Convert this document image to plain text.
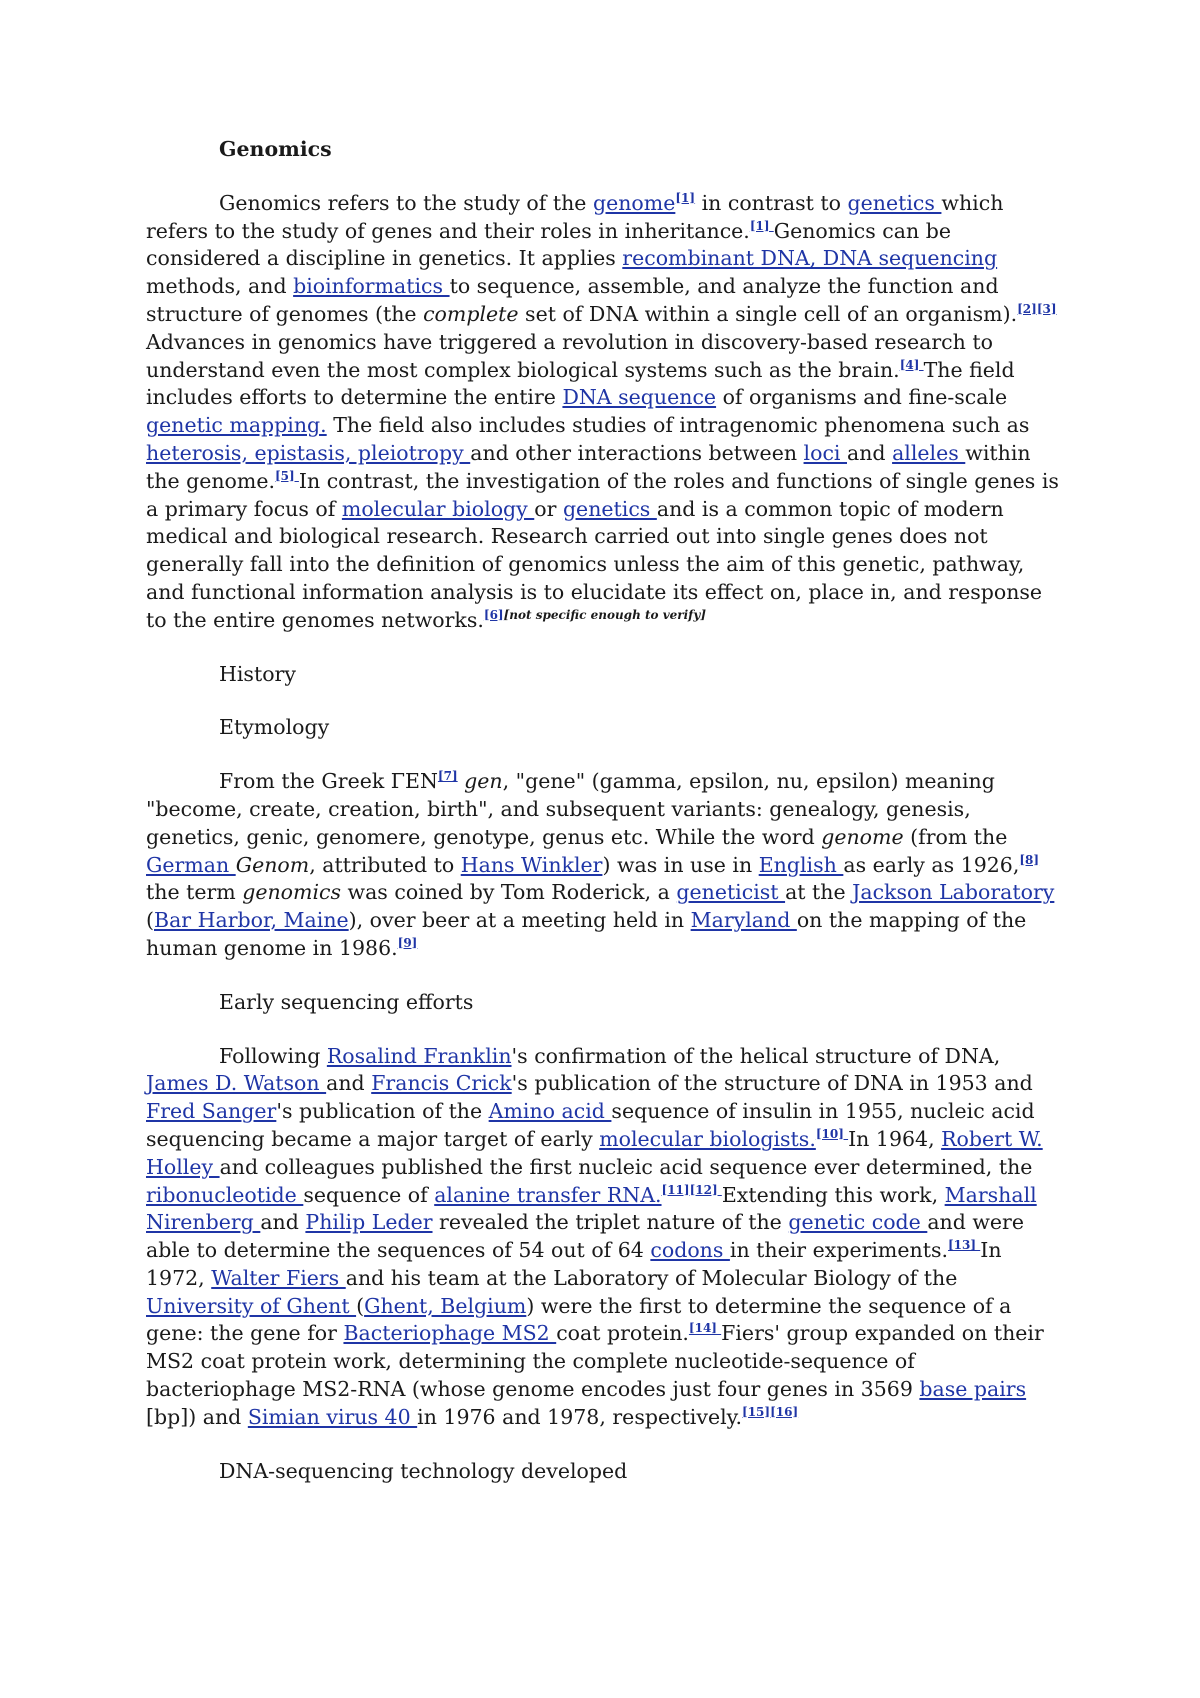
Genomics

Genomics refers to the study of the genome[1] in contrast to genetics which refers to the study of genes and their roles in inheritance.[1] Genomics can be considered a discipline in genetics. It applies recombinant DNA, DNA sequencing methods, and bioinformatics to sequence, assemble, and analyze the function and structure of genomes (the complete set of DNA within a single cell of an organism).[2][3] Advances in genomics have triggered a revolution in discovery-based research to understand even the most complex biological systems such as the brain.[4] The field includes efforts to determine the entire DNA sequence of organisms and fine-scale genetic mapping. The field also includes studies of intragenomic phenomena such as heterosis, epistasis, pleiotropy and other interactions between loci and alleles within the genome.[5] In contrast, the investigation of the roles and functions of single genes is a primary focus of molecular biology or genetics and is a common topic of modern medical and biological research. Research carried out into single genes does not generally fall into the definition of genomics unless the aim of this genetic, pathway, and functional information analysis is to elucidate its effect on, place in, and response to the entire genomes networks.[6][not specific enough to verify]

History
Etymology

From the Greek ΓΕΝ[7] gen, "gene" (gamma, epsilon, nu, epsilon) meaning "become, create, creation, birth", and subsequent variants: genealogy, genesis, genetics, genic, genomere, genotype, genus etc. While the word genome (from the German Genom, attributed to Hans Winkler) was in use in English as early as 1926,[8] the term genomics was coined by Tom Roderick, a geneticist at the Jackson Laboratory (Bar Harbor, Maine), over beer at a meeting held in Maryland on the mapping of the human genome in 1986.[9]

Early sequencing efforts

Following Rosalind Franklin's confirmation of the helical structure of DNA, James D. Watson and Francis Crick's publication of the structure of DNA in 1953 and Fred Sanger's publication of the Amino acid sequence of insulin in 1955, nucleic acid sequencing became a major target of early molecular biologists.[10] In 1964, Robert W. Holley and colleagues published the first nucleic acid sequence ever determined, the ribonucleotide sequence of alanine transfer RNA.[11][12] Extending this work, Marshall Nirenberg and Philip Leder revealed the triplet nature of the genetic code and were able to determine the sequences of 54 out of 64 codons in their experiments.[13] In 1972, Walter Fiers and his team at the Laboratory of Molecular Biology of the University of Ghent (Ghent, Belgium) were the first to determine the sequence of a gene: the gene for Bacteriophage MS2 coat protein.[14] Fiers' group expanded on their MS2 coat protein work, determining the complete nucleotide-sequence of bacteriophage MS2-RNA (whose genome encodes just four genes in 3569 base pairs [bp]) and Simian virus 40 in 1976 and 1978, respectively.[15][16]

DNA-sequencing technology developed
